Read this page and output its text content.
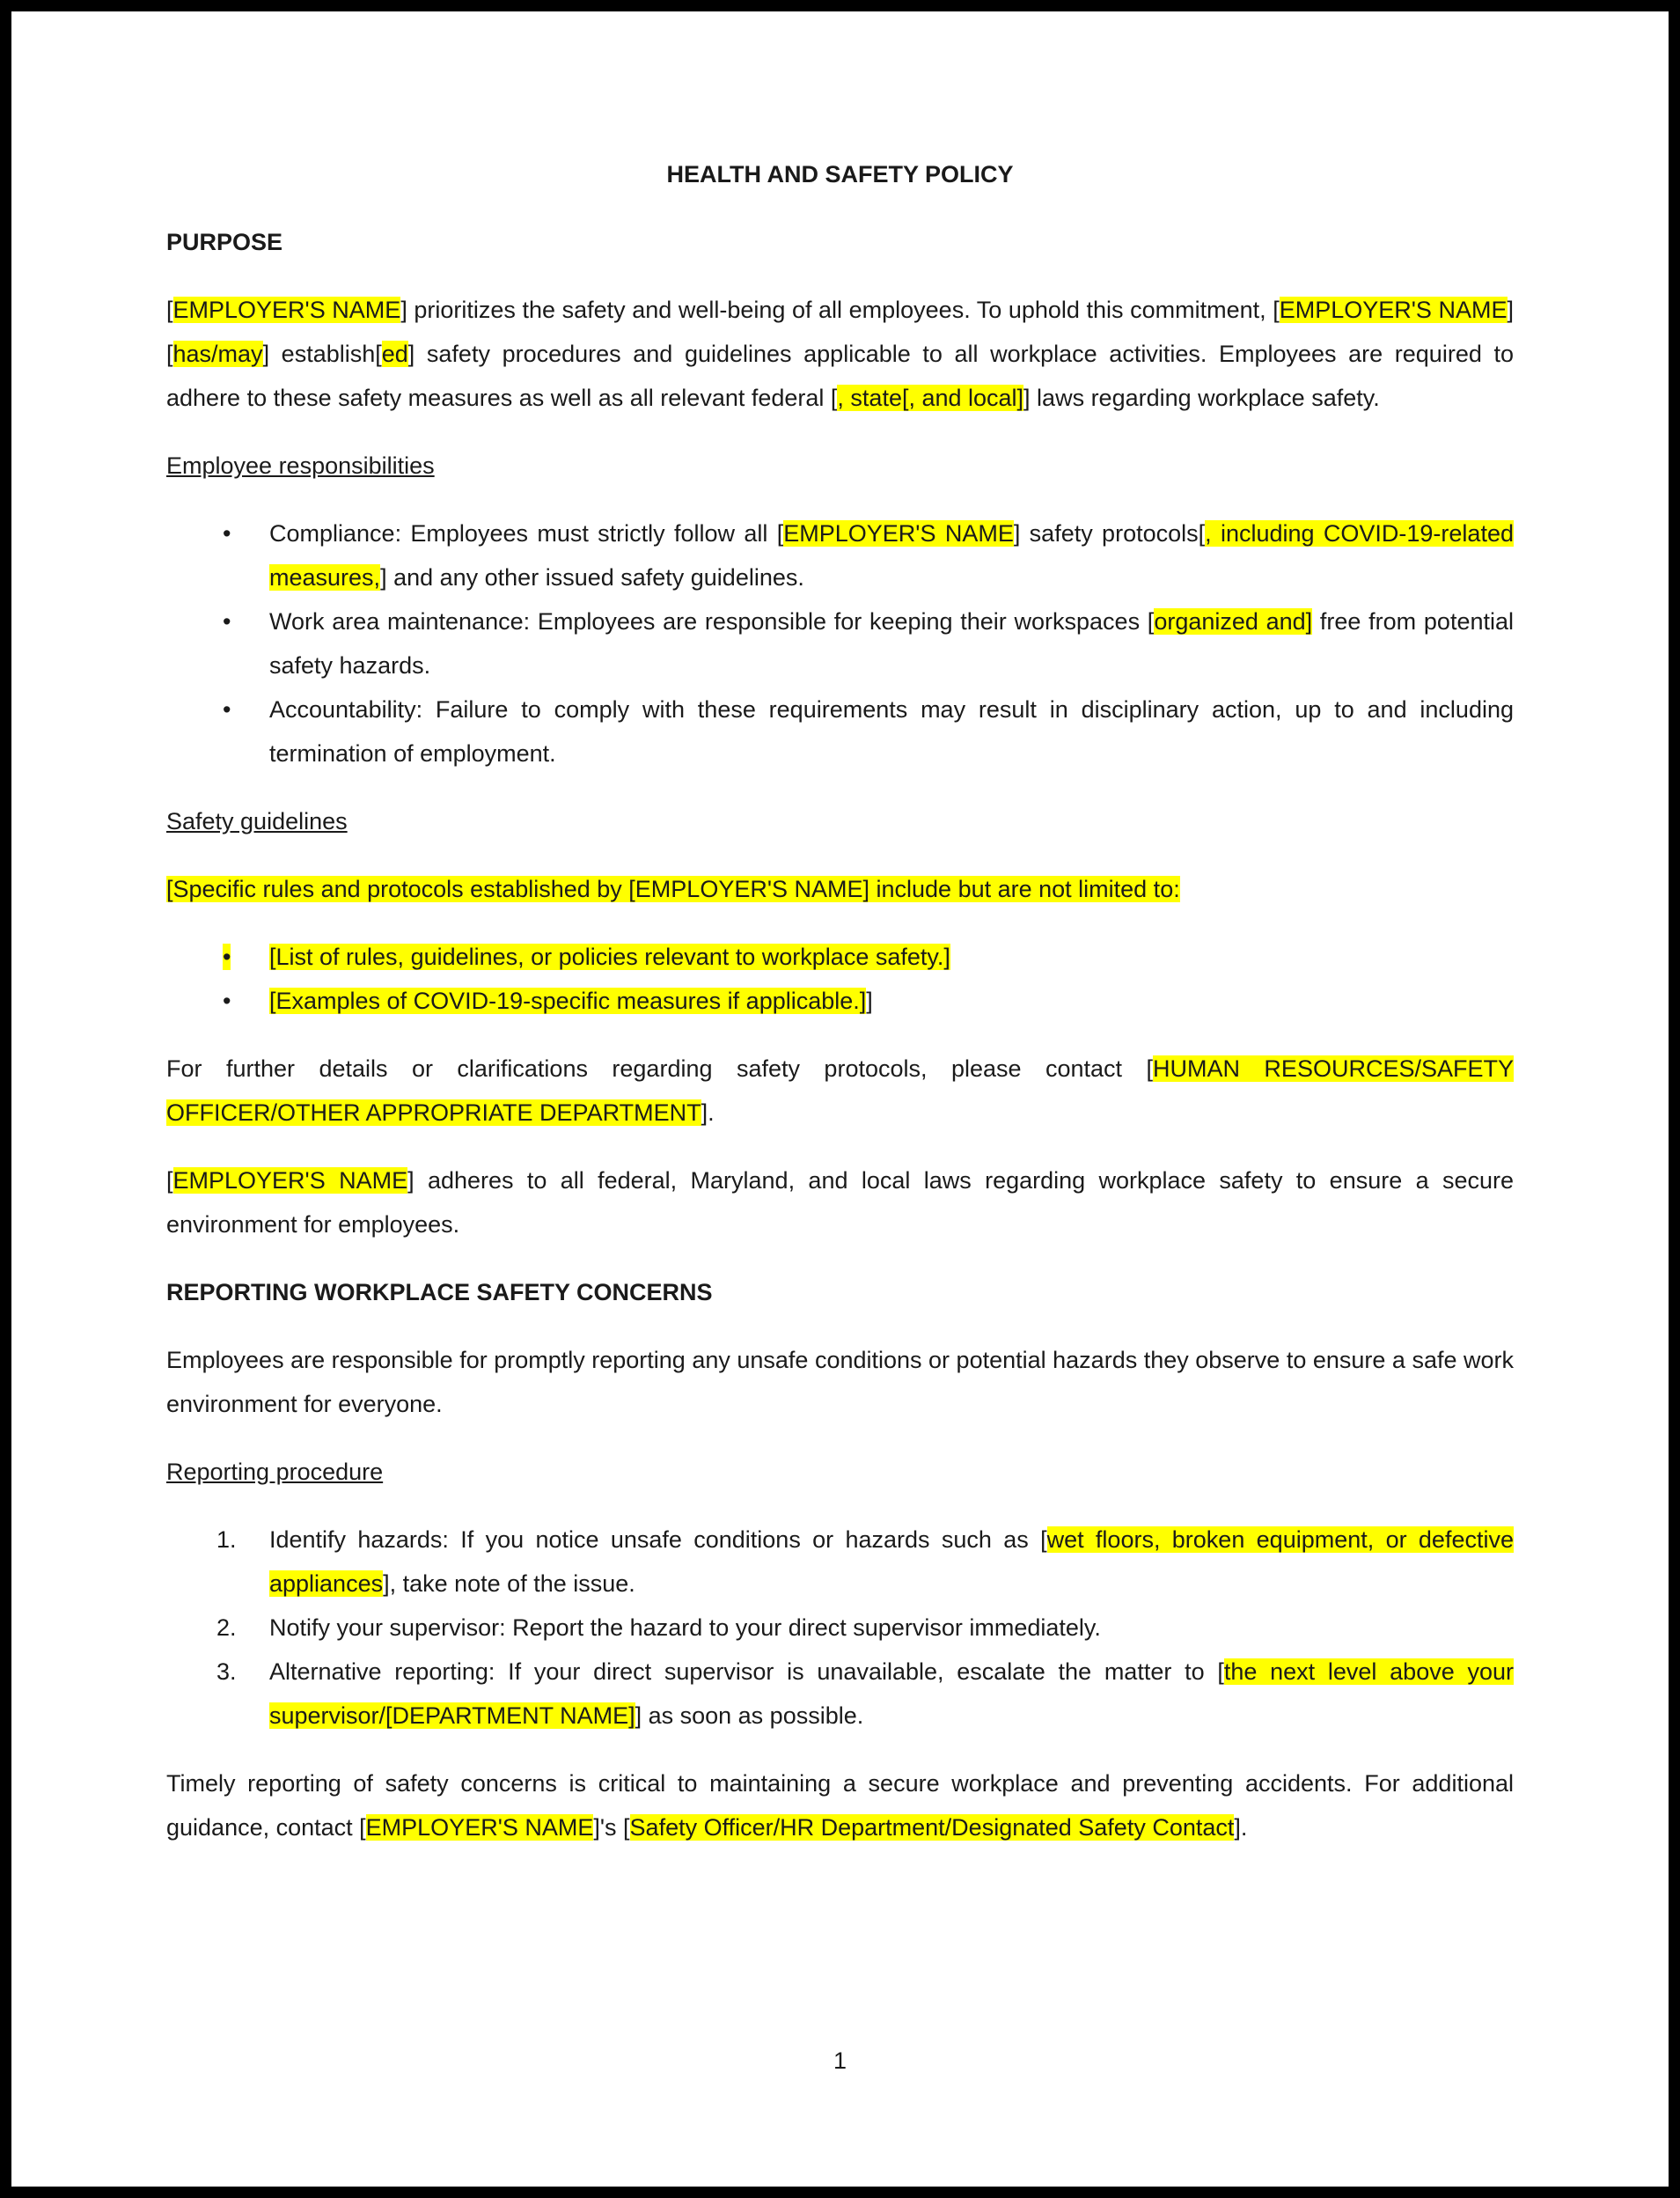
HEALTH AND SAFETY POLICY
PURPOSE

[EMPLOYER'S NAME] prioritizes the safety and well-being of all employees. To uphold this commitment, [EMPLOYER'S NAME] [has/may] establish[ed] safety procedures and guidelines applicable to all workplace activities. Employees are required to adhere to these safety measures as well as all relevant federal [, state[, and local]] laws regarding workplace safety.

Employee responsibilities
•	Compliance: Employees must strictly follow all [EMPLOYER'S NAME] safety protocols[, including COVID-19-related measures,] and any other issued safety guidelines.
•	Work area maintenance: Employees are responsible for keeping their workspaces [organized and] free from potential safety hazards.
•	Accountability: Failure to comply with these requirements may result in disciplinary action, up to and including termination of employment.
Safety guidelines

[Specific rules and protocols established by [EMPLOYER'S NAME] include but are not limited to:

•	[List of rules, guidelines, or policies relevant to workplace safety.]
•	[Examples of COVID-19-specific measures if applicable.]]

For further details or clarifications regarding safety protocols, please contact [HUMAN RESOURCES/SAFETY OFFICER/OTHER APPROPRIATE DEPARTMENT].

[EMPLOYER'S NAME] adheres to all federal, Maryland, and local laws regarding workplace safety to ensure a secure environment for employees.

REPORTING WORKPLACE SAFETY CONCERNS

Employees are responsible for promptly reporting any unsafe conditions or potential hazards they observe to ensure a safe work environment for everyone.

Reporting procedure
1.	Identify hazards: If you notice unsafe conditions or hazards such as [wet floors, broken equipment, or defective appliances], take note of the issue.
2.	Notify your supervisor: Report the hazard to your direct supervisor immediately.
3.	Alternative reporting: If your direct supervisor is unavailable, escalate the matter to [the next level above your supervisor/[DEPARTMENT NAME]] as soon as possible.

Timely reporting of safety concerns is critical to maintaining a secure workplace and preventing accidents. For additional guidance, contact [EMPLOYER'S NAME]'s [Safety Officer/HR Department/Designated Safety Contact].

1
